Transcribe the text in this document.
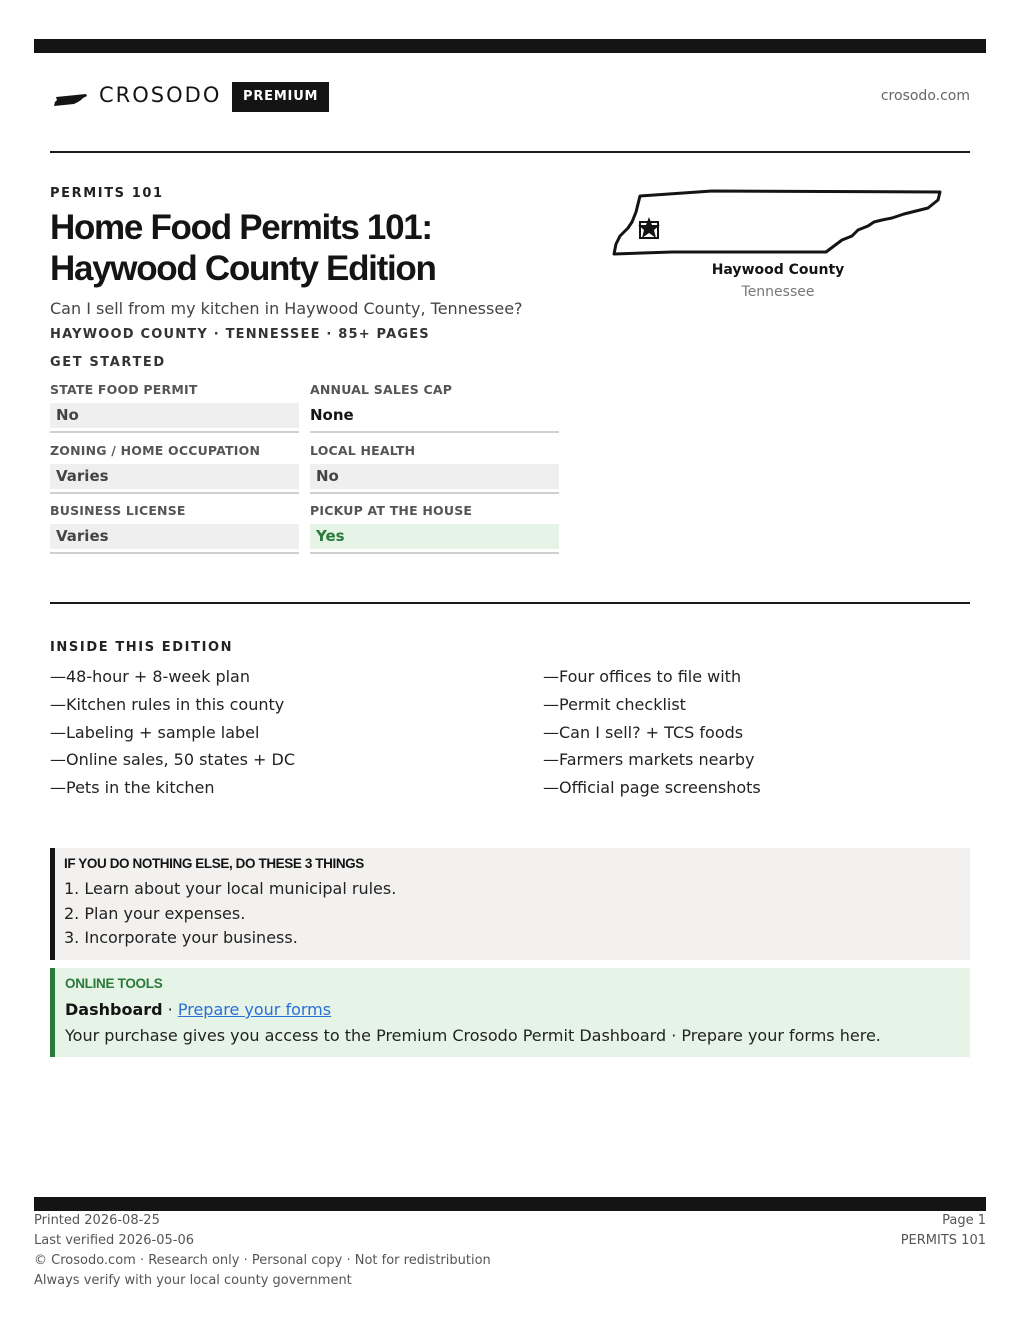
CROSODO	PREMIUM	crosodo.com
PERMITS 101
Home Food Permits 101:
Haywood County Edition
Can I sell from my kitchen in Haywood County, Tennessee?
HAYWOOD COUNTY · TENNESSEE · 85+ PAGES
GET STARTED
STATE FOOD PERMIT
No
ANNUAL SALES CAP
None
ZONING / HOME OCCUPATION
Varies
LOCAL HEALTH
No
BUSINESS LICENSE
Varies
PICKUP AT THE HOUSE
Yes
Haywood County
Tennessee
INSIDE THIS EDITION
—48-hour + 8-week plan
—Kitchen rules in this county
—Labeling + sample label
—Online sales, 50 states + DC
—Pets in the kitchen
—Four offices to file with
—Permit checklist
—Can I sell? + TCS foods
—Farmers markets nearby
—Official page screenshots
IF YOU DO NOTHING ELSE, DO THESE 3 THINGS
1. Learn about your local municipal rules.
2. Plan your expenses.
3. Incorporate your business.
ONLINE TOOLS
Dashboard · Prepare your forms
Your purchase gives you access to the Premium Crosodo Permit Dashboard · Prepare your forms here.
Printed 2026-08-25
Last verified 2026-05-06
© Crosodo.com · Research only · Personal copy · Not for redistribution
Always verify with your local county government
Page 1
PERMITS 101
